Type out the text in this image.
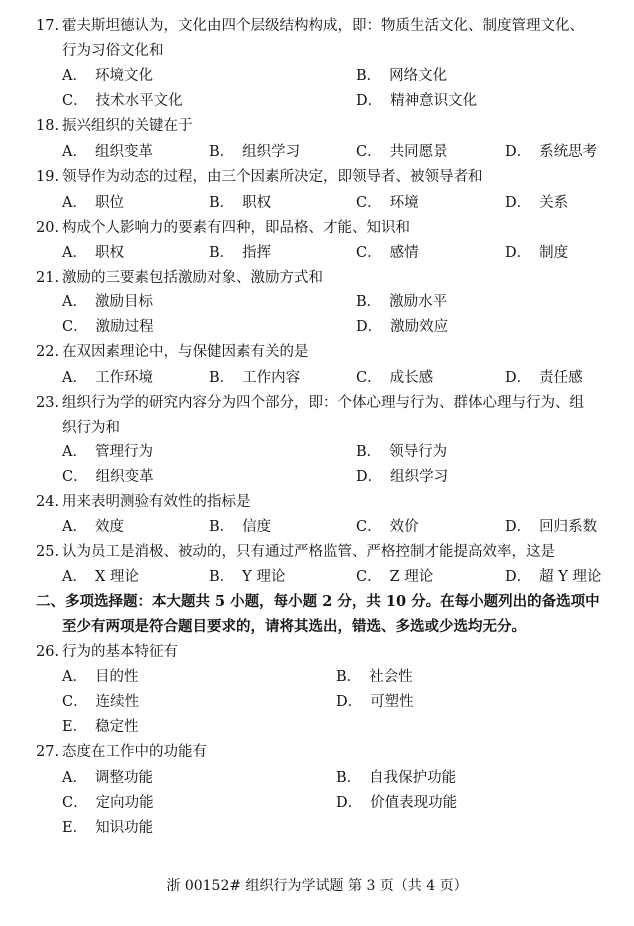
17. 霍夫斯坦德认为，文化由四个层级结构构成，即：物质生活文化、制度管理文化、
行为习俗文化和
A． 环境文化	B． 网络文化
C． 技术水平文化	D． 精神意识文化
18. 振兴组织的关键在于
A． 组织变革	B． 组织学习	C． 共同愿景	D． 系统思考
19. 领导作为动态的过程，由三个因素所决定，即领导者、被领导者和
A． 职位	B． 职权	C． 环境	D． 关系
20. 构成个人影响力的要素有四种，即品格、才能、知识和
A． 职权	B． 指挥	C． 感情	D． 制度
21. 激励的三要素包括激励对象、激励方式和
A． 激励目标	B． 激励水平
C． 激励过程	D． 激励效应
22. 在双因素理论中，与保健因素有关的是
A． 工作环境	B． 工作内容	C． 成长感	D． 责任感
23. 组织行为学的研究内容分为四个部分，即：个体心理与行为、群体心理与行为、组
织行为和
A． 管理行为	B． 领导行为
C． 组织变革	D． 组织学习
24. 用来表明测验有效性的指标是
A． 效度	B． 信度	C． 效价	D． 回归系数
25. 认为员工是消极、被动的，只有通过严格监管、严格控制才能提高效率，这是
A． X 理论	B． Y 理论	C． Z 理论	D． 超 Y 理论
二、多项选择题：本大题共 5 小题，每小题 2 分，共 10 分。在每小题列出的备选项中
至少有两项是符合题目要求的，请将其选出，错选、多选或少选均无分。
26. 行为的基本特征有
A． 目的性	B． 社会性
C． 连续性	D． 可塑性
E． 稳定性
27. 态度在工作中的功能有
A． 调整功能	B． 自我保护功能
C． 定向功能	D． 价值表现功能
E． 知识功能
浙 00152# 组织行为学试题 第 3 页（共 4 页）
